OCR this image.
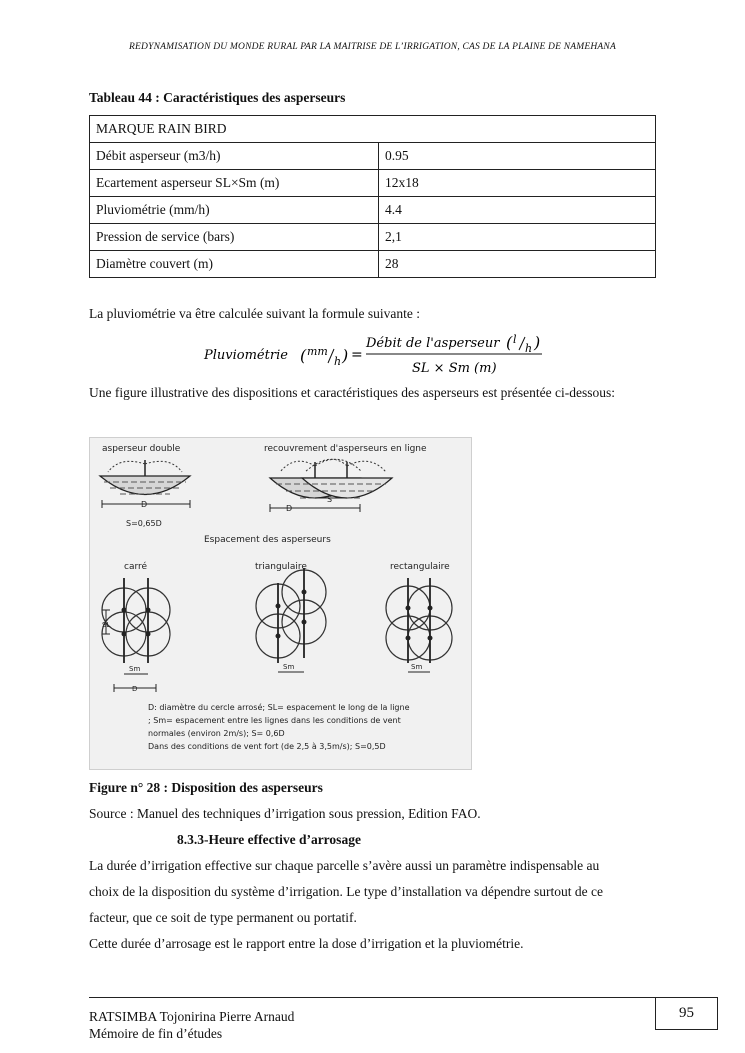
REDYNAMISATION DU MONDE RURAL PAR LA MAITRISE DE L’IRRIGATION, CAS DE LA PLAINE DE NAMEHANA
Tableau 44 : Caractéristiques des asperseurs
MARQUE RAIN BIRD	
Débit asperseur (m3/h)	0.95
Ecartement asperseur SL×Sm (m)	12x18
Pluviométrie (mm/h)	4.4
Pression de service (bars)	2,1
Diamètre couvert (m)	28
La pluviométrie va être calculée suivant la formule suivante :
Pluviométrie ( mm
h ) =
Débit de l'asperseur ( l
h )
SL × Sm (m)
Une figure illustrative des dispositions et caractéristiques des asperseurs est présentée ci-dessous:
asperseur double
D
S=0,65D
recouvrement d'asperseurs en ligne
S
D
Espacement des asperseurs
carré
SL
Sm
D
triangulaire
Sm
rectangulaire
Sm
D: diamètre du cercle arrosé; SL= espacement le long de la ligne
; Sm= espacement entre les lignes dans les conditions de vent
normales (environ 2m/s); S= 0,6D
Dans des conditions de vent fort (de 2,5 à 3,5m/s); S=0,5D
Figure n° 28 : Disposition des asperseurs
Source : Manuel des techniques d’irrigation sous pression, Edition FAO.
8.3.3-Heure effective d’arrosage
La durée d’irrigation effective sur chaque parcelle s’avère aussi un paramètre indispensable au
choix de la disposition du système d’irrigation. Le type d’installation va dépendre surtout de ce
facteur, que ce soit de type permanent ou portatif.
Cette durée d’arrosage est le rapport entre la dose d’irrigation et la pluviométrie.
RATSIMBA Tojonirina Pierre Arnaud
Mémoire de fin d’études
95
